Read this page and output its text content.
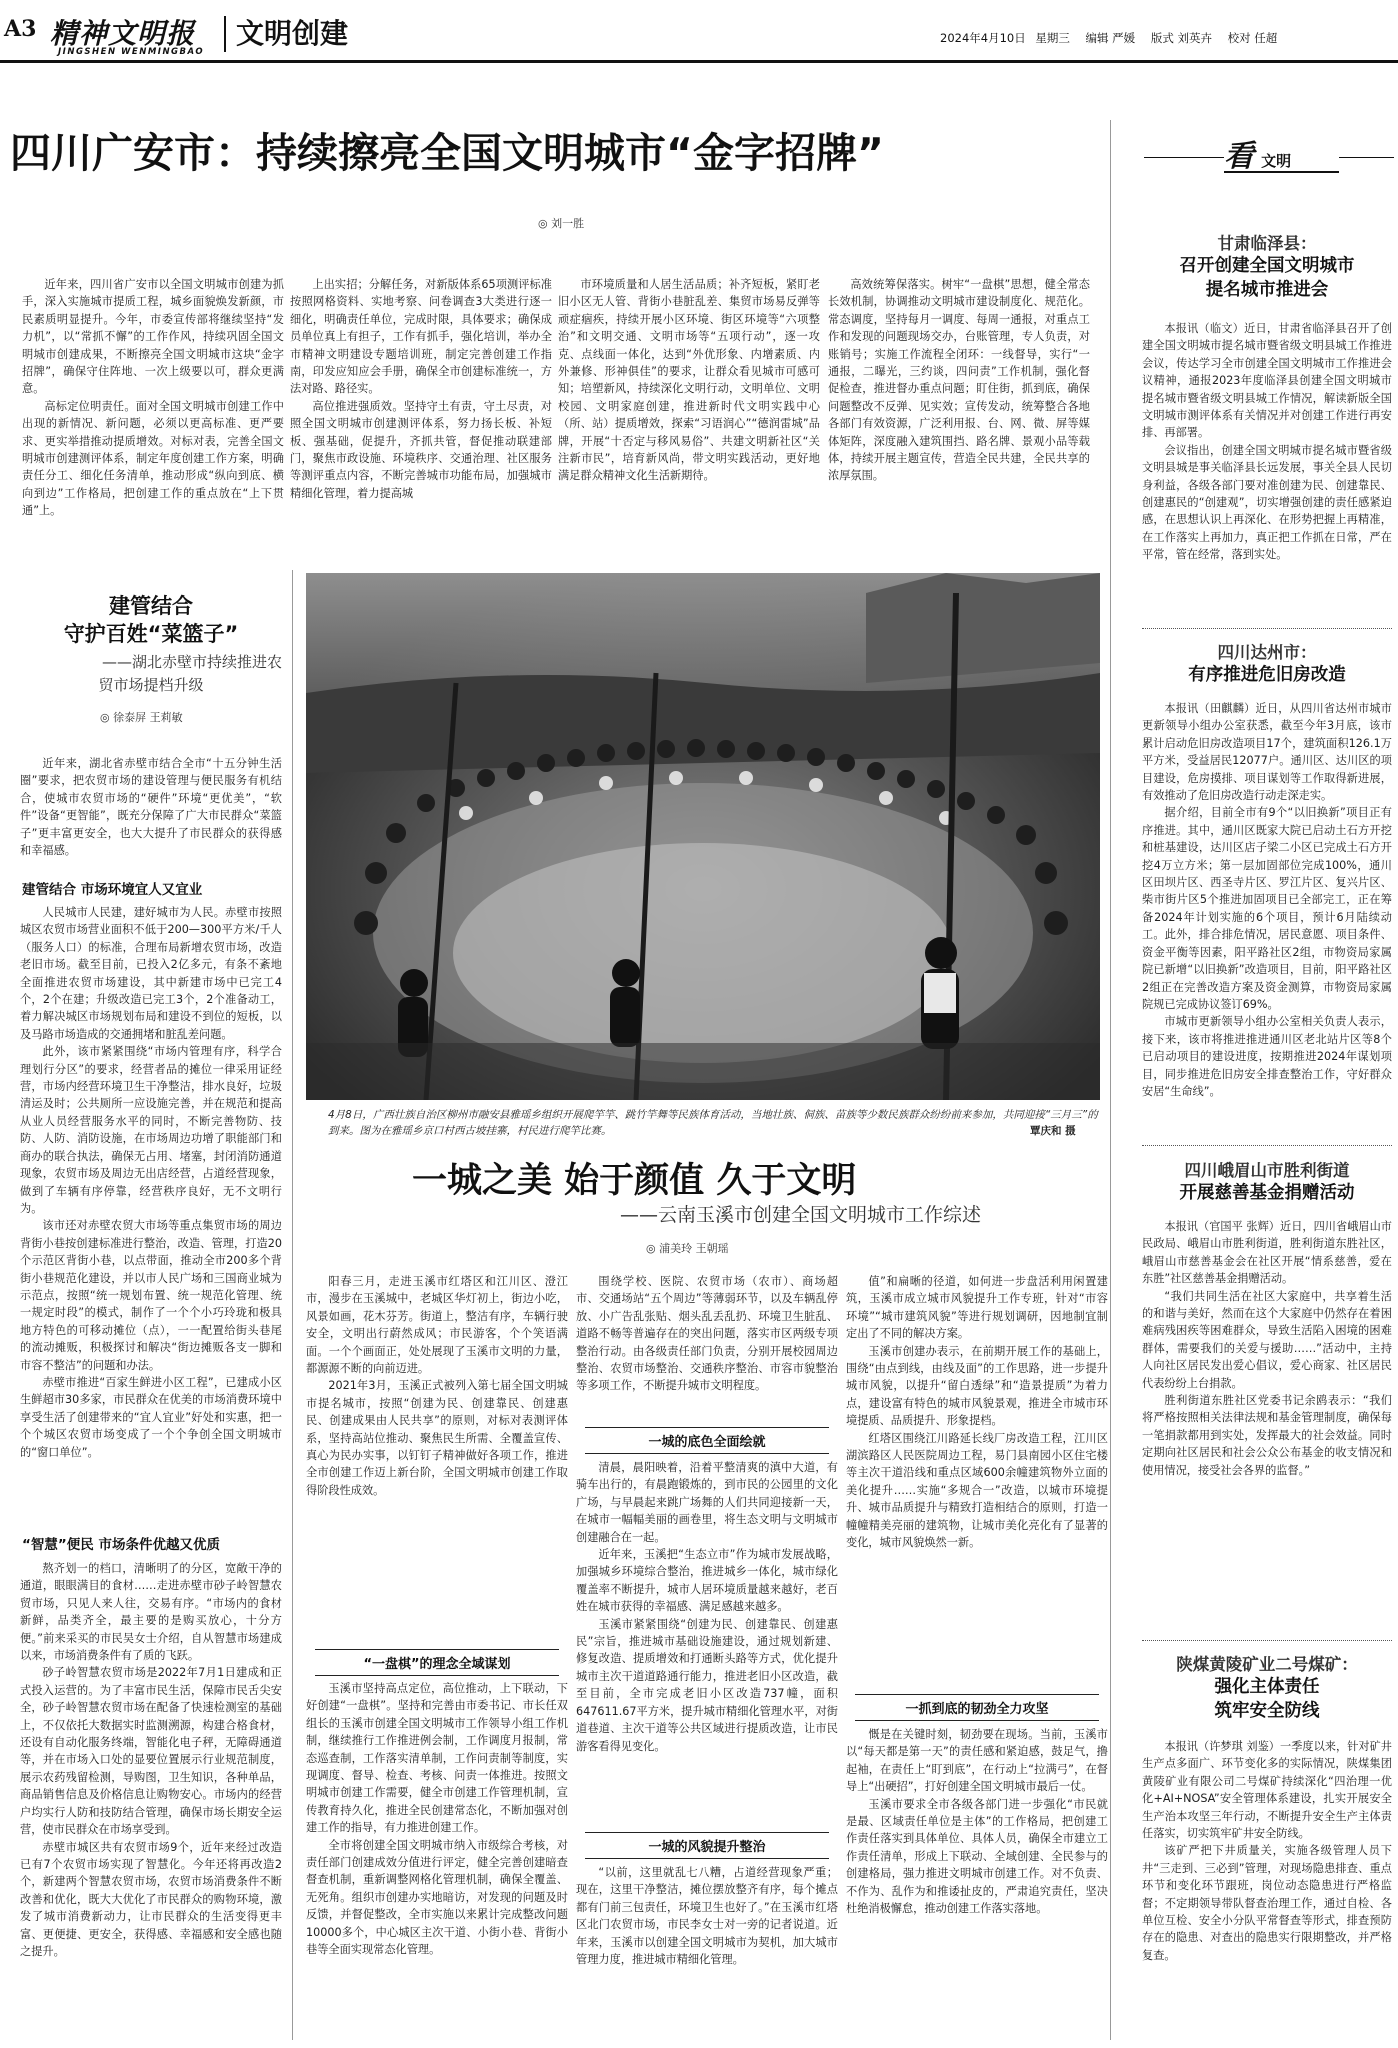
A3 精神文明报
JINGSHEN WENMINGBAO
文明创建	2024年4月10日 星期三 编辑 严媛 版式 刘英卉 校对 任超
四川广安市：持续擦亮全国文明城市“金字招牌”
◎ 刘一胜

近年来，四川省广安市以全国文明城市创建为抓手，深入实施城市提质工程，城乡面貌焕发新颜，市民素质明显提升。今年，市委宣传部将继续坚持“发力机”，以“常抓不懈”的工作作风，持续巩固全国文明城市创建成果，不断擦亮全国文明城市这块“金字招牌”，确保守住阵地、一次上级要以可，群众更满意。

高标定位明责任。面对全国文明城市创建工作中出现的新情况、新问题，必须以更高标准、更严要求、更实举措推动提质增效。对标对表，完善全国文明城市创建测评体系，制定年度创建工作方案，明确责任分工、细化任务清单，推动形成“纵向到底、横向到边”工作格局，把创建工作的重点放在“上下贯通”上。

上出实招；分解任务，对新版体系65项测评标准按照网格资料、实地考察、问卷调查3大类进行逐一细化，明确责任单位，完成时限，具体要求；确保成员单位真上有担子，工作有抓手，强化培训，举办全市精神文明建设专题培训班，制定完善创建工作指南，印发应知应会手册，确保全市创建标准统一，方法对路、路径实。

高位推进强质效。坚持守土有责，守土尽责，对照全国文明城市创建测评体系，努力扬长板、补短板、强基础，促提升，齐抓共管，督促推动联建部门，聚焦市政设施、环境秩序、交通治理、社区服务等测评重点内容，不断完善城市功能布局，加强城市精细化管理，着力提高城

市环境质量和人居生活品质；补齐短板，紧盯老旧小区无人管、背街小巷脏乱差、集贸市场易反弹等顽症痼疾，持续开展小区环境、街区环境等“六项整治”和文明交通、文明市场等“五项行动”，逐一攻克、点线面一体化，达到“外优形象、内增素质、内外兼修、形神俱佳”的要求，让群众看见城市可感可知；培塑新风，持续深化文明行动，文明单位、文明校园、文明家庭创建，推进新时代文明实践中心（所、站）提质增效，探索“习语润心”“德润雷城”品牌，开展“十否定与移风易俗”、共建文明新社区“关注新市民”，培育新风尚，带文明实践活动，更好地满足群众精神文化生活新期待。

高效统筹保落实。树牢“一盘棋”思想，健全常态长效机制，协调推动文明城市建设制度化、规范化。常态调度，坚持每月一调度、每周一通报，对重点工作和发现的问题现场交办，台账管理，专人负责，对账销号；实施工作流程全闭环：一线督导，实行“一通报，二曝光，三约谈，四问责”工作机制，强化督促检查，推进督办重点问题；盯住街，抓到底，确保问题整改不反弹、见实效；宣传发动，统筹整合各地各部门有效资源，广泛利用报、台、网、微、屏等媒体矩阵，深度融入建筑围挡、路名牌、景观小品等载体，持续开展主题宣传，营造全民共建，全民共享的浓厚氛围。

看 文明
甘肃临泽县：
召开创建全国文明城市
提名城市推进会

本报讯（临文）近日，甘肃省临泽县召开了创建全国文明城市提名城市暨省级文明县城工作推进会议，传达学习全市创建全国文明城市工作推进会议精神，通报2023年度临泽县创建全国文明城市提名城市暨省级文明县城工作情况，解读新版全国文明城市测评体系有关情况并对创建工作进行再安排、再部署。

会议指出，创建全国文明城市提名城市暨省级文明县城是事关临泽县长远发展，事关全县人民切身利益，各级各部门要对准创建为民、创建靠民、创建惠民的“创建观”，切实增强创建的责任感紧迫感，在思想认识上再深化、在形势把握上再精准，在工作落实上再加力，真正把工作抓在日常，严在平常，管在经常，落到实处。

四川达州市：
有序推进危旧房改造

本报讯（田麒麟）近日，从四川省达州市城市更新领导小组办公室获悉，截至今年3月底，该市累计启动危旧房改造项目17个，建筑面积126.1万平方米，受益居民12077户。通川区、达川区的项目建设，危房摸排、项目谋划等工作取得新进展，有效推动了危旧房改造行动走深走实。

据介绍，目前全市有9个“以旧换新”项目正有序推进。其中，通川区既家大院已启动土石方开挖和桩基建设，达川区店子梁二小区已完成土石方开挖4万立方米；第一层加固部位完成100%，通川区田坝片区、西圣寺片区、罗江片区、复兴片区、柴市街片区5个推进加固项目已全部完工，正在筹备2024年计划实施的6个项目，预计6月陆续动工。此外，排合排危情况，居民意愿、项目条件、资金平衡等因素，阳平路社区2组，市物资局家属院已新增“以旧换新”改造项目，目前，阳平路社区2组正在完善改造方案及资金测算，市物资局家属院规已完成协议签订69%。

市城市更新领导小组办公室相关负责人表示，接下来，该市将推进推进通川区老北站片区等8个已启动项目的建设进度，按期推进2024年谋划项目，同步推进危旧房安全排查整治工作，守好群众安居“生命线”。

四川峨眉山市胜利街道
开展慈善基金捐赠活动

本报讯（官国平 张辉）近日，四川省峨眉山市民政局、峨眉山市胜利街道，胜利街道东胜社区，峨眉山市慈善基金会在社区开展“情系慈善，爱在东胜”社区慈善基金捐赠活动。

“我们共同生活在社区大家庭中，共享着生活的和谐与美好，然而在这个大家庭中仍然存在着困难病残困疾等困难群众，导致生活陷入困境的困难群体，需要我们的关爱与援助……”活动中，主持人向社区居民发出爱心倡议，爱心商家、社区居民代表纷纷上台捐款。

胜利街道东胜社区党委书记余鸥表示：“我们将严格按照相关法律法规和基金管理制度，确保每一笔捐款都用到实处，发挥最大的社会效益。同时定期向社区居民和社会公众公布基金的收支情况和使用情况，接受社会各界的监督。”

陕煤黄陵矿业二号煤矿：
强化主体责任
筑牢安全防线

本报讯（许梦琪 刘鉴）一季度以来，针对矿井生产点多面广、环节变化多的实际情况，陕煤集团黄陵矿业有限公司二号煤矿持续深化“四治理一优化+AI+NOSA”安全管理体系建设，扎实开展安全生产治本攻坚三年行动，不断提升安全生产主体责任落实，切实筑牢矿井安全防线。

该矿严把下井质量关，实施各级管理人员下井“三走到、三必到”管理，对现场隐患排查、重点环节和变化环节跟班，岗位动态隐患进行严格监督；不定期领导带队督查治理工作，通过自检、各单位互检、安全小分队平常督查等形式，排查预防存在的隐患、对查出的隐患实行限期整改，并严格复查。

建管结合
守护百姓“菜篮子”
——湖北赤壁市持续推进农
贸市场提档升级
◎ 徐泰屏 王莉敏

近年来，湖北省赤壁市结合全市“十五分钟生活圈”要求，把农贸市场的建设管理与便民服务有机结合，使城市农贸市场的“硬件”环境“更优美”，“软件”设备“更智能”，既充分保障了广大市民群众“菜篮子”更丰富更安全，也大大提升了市民群众的获得感和幸福感。

建管结合 市场环境宜人又宜业

人民城市人民建，建好城市为人民。赤壁市按照城区农贸市场营业面积不低于200—300平方米/千人（服务人口）的标准，合理布局新增农贸市场，改造老旧市场。截至目前，已投入2亿多元，有条不紊地全面推进农贸市场建设，其中新建市场中已完工4个，2个在建；升级改造已完工3个，2个准备动工，着力解决城区市场规划布局和建设不到位的短板，以及马路市场造成的交通拥堵和脏乱差问题。

此外，该市紧紧围绕“市场内管理有序，科学合理划行分区”的要求，经营者品的摊位一律采用证经营，市场内经营环境卫生干净整洁，排水良好，垃圾清运及时；公共厕所一应设施完善，并在规范和提高从业人员经营服务水平的同时，不断完善物防、技防、人防、消防设施，在市场周边功增了职能部门和商办的联合执法，确保无占用、堵塞，封闭消防通道现象，农贸市场及周边无出店经营，占道经营现象，做到了车辆有序停靠，经营秩序良好，无不文明行为。

该市还对赤壁农贸大市场等重点集贸市场的周边背街小巷按创建标准进行整治，改造、管理，打造20个示范区背街小巷，以点带面，推动全市200多个背街小巷规范化建设，并以市人民广场和三国商业城为示范点，按照“统一规划布置、统一规范化管理、统一规定时段”的模式，制作了一个个小巧玲珑和极具地方特色的可移动摊位（点），一一配置给街头巷尾的流动摊贩，积极探讨和解决“街边摊贩各支一脚和市容不整洁”的问题和办法。

赤壁市推进“百家生鲜进小区工程”，已建成小区生鲜超市30多家，市民群众在优美的市场消费环境中享受生活了创建带来的“宜人宜业”好处和实惠，把一个个城区农贸市场变成了一个个争创全国文明城市的“窗口单位”。

“智慧”便民 市场条件优越又优质

熬齐划一的档口，清晰明了的分区，宽敞干净的通道，眼眼满目的食材……走进赤壁市砂子岭智慧农贸市场，只见人来人往，交易有序。“市场内的食材新鲜，品类齐全，最主要的是购买放心，十分方便。”前来采买的市民吴女士介绍，自从智慧市场建成以来，市场消费条件有了质的飞跃。

砂子岭智慧农贸市场是2022年7月1日建成和正式投入运营的。为了丰富市民生活，保障市民舌尖安全，砂子岭智慧农贸市场在配备了快速检测室的基础上，不仅依托大数据实时监测溯源，构建合格食材，还设有自动化服务终端，智能化电子秤，无障碍通道等，并在市场入口处的显要位置展示行业规范制度，展示农药残留检测，导购图，卫生知识，各种单品，商品销售信息及价格信息让购物安心。市场内的经营户均实行人防和技防结合管理，确保市场长期安全运营，使市民群众在市场享受到。

赤壁市城区共有农贸市场9个，近年来经过改造已有7个农贸市场实现了智慧化。今年还将再改造2个，新建两个智慧农贸市场，农贸市场消费条件不断改善和优化，既大大优化了市民群众的购物环境，激发了城市消费新动力，让市民群众的生活变得更丰富、更便捷、更安全，获得感、幸福感和安全感也随之提升。

4月8日，广西壮族自治区柳州市融安县雅瑶乡组织开展爬竿竿、跳竹竿舞等民族体育活动，当地壮族、侗族、苗族等少数民族群众纷纷前来参加，共同迎接“三月三”的到来。图为在雅瑶乡京口村西古坡挂寨，村民进行爬竿比赛。	覃庆和 摄
一城之美 始于颜值 久于文明
——云南玉溪市创建全国文明城市工作综述
◎ 浦美玲 王朝瑶

阳春三月，走进玉溪市红塔区和江川区、澄江市，漫步在玉溪城中，老城区华灯初上，街边小吃，风景如画，花木芬芳。街道上，整洁有序，车辆行驶安全，文明出行蔚然成风；市民游客，个个笑语满面。一个个画面正，处处展现了玉溪市文明的力量，都源源不断的向前迈进。

2021年3月，玉溪正式被列入第七届全国文明城市提名城市，按照“创建为民、创建靠民、创建惠民、创建成果由人民共享”的原则，对标对表测评体系，坚持高站位推动、聚焦民生所需、全覆盖宣传、真心为民办实事，以钉钉子精神做好各项工作，推进全市创建工作迈上新台阶，全国文明城市创建工作取得阶段性成效。

“一盘棋”的理念全域谋划

玉溪市坚持高点定位，高位推动，上下联动，下好创建“一盘棋”。坚持和完善由市委书记、市长任双组长的玉溪市创建全国文明城市工作领导小组工作机制，继续推行工作推进例会制，工作调度月报制，常态巡查制，工作落实清单制，工作问责制等制度，实现调度、督导、检查、考核、问责一体推进。按照文明城市创建工作需要，健全市创建工作管理机制，宣传教育持久化，推进全民创建常态化，不断加强对创建工作的指导，有力推进创建工作。

全市将创建全国文明城市纳入市级综合考核，对责任部门创建成效分值进行评定，健全完善创建暗查督查机制，重新调整网格化管理机制，确保全覆盖、无死角。组织市创建办实地暗访，对发现的问题及时反馈，并督促整改，全市实施以来累计完成整改问题10000多个，中心城区主次干道、小街小巷、背街小巷等全面实现常态化管理。

围绕学校、医院、农贸市场（农市）、商场超市、交通场站“五个周边”等薄弱环节，以及车辆乱停放、小广告乱张贴、烟头乱丢乱扔、环境卫生脏乱、道路不畅等普遍存在的突出问题，落实市区两级专项整治行动。由各级责任部门负责，分别开展校园周边整治、农贸市场整治、交通秩序整治、市容市貌整治等多项工作，不断提升城市文明程度。

一城的底色全面绘就

清晨，晨阳映着，沿着平整清爽的滇中大道，有骑车出行的，有晨跑锻炼的，到市民的公园里的文化广场，与早晨起来跳广场舞的人们共同迎接新一天，在城市一幅幅美丽的画卷里，将生态文明与文明城市创建融合在一起。

近年来，玉溪把“生态立市”作为城市发展战略，加强城乡环境综合整治，推进城乡一体化，城市绿化覆盖率不断提升，城市人居环境质量越来越好，老百姓在城市获得的幸福感、满足感越来越多。

玉溪市紧紧围绕“创建为民、创建靠民、创建惠民”宗旨，推进城市基础设施建设，通过规划新建、修复改造、提质增效和打通断头路等方式，优化提升城市主次干道道路通行能力，推进老旧小区改造，截至目前，全市完成老旧小区改造737幢，面积647611.67平方米，提升城市精细化管理水平，对街道巷道、主次干道等公共区域进行提质改造，让市民游客看得见变化。

一城的风貌提升整治

“以前，这里就乱七八糟，占道经营现象严重；现在，这里干净整洁，摊位摆放整齐有序，每个摊点都有门前三包责任，环境卫生也好了。”在玉溪市红塔区北门农贸市场，市民李女士对一旁的记者说道。近年来，玉溪市以创建全国文明城市为契机，加大城市管理力度，推进城市精细化管理。

值”和扁晰的径道，如何进一步盘活利用闲置建筑，玉溪市成立城市风貌提升工作专班，针对“市容环境”“城市建筑风貌”等进行规划调研，因地制宜制定出了不同的解决方案。

玉溪市创建办表示，在前期开展工作的基础上，围绕“由点到线，由线及面”的工作思路，进一步提升城市风貌，以提升“留白透绿”和“造景提质”为着力点，建设富有特色的城市风貌景观，推进全市城市环境提质、品质提升、形象提档。

红塔区围绕江川路延长线厂房改造工程，江川区湖滨路区人民医院周边工程，易门县南园小区住宅楼等主次干道沿线和重点区域600余幢建筑物外立面的美化提升……实施“多规合一”改造，以城市环境提升、城市品质提升与精致打造相结合的原则，打造一幢幢精美亮丽的建筑物，让城市美化亮化有了显著的变化，城市风貌焕然一新。

一抓到底的韧劲全力攻坚

慨是在关键时刻，韧劲要在现场。当前，玉溪市以“每天都是第一天”的责任感和紧迫感，鼓足气，撸起袖，在责任上“盯到底”，在行动上“拉满弓”，在督导上“出硬招”，打好创建全国文明城市最后一仗。

玉溪市要求全市各级各部门进一步强化“市民就是最、区域责任单位是主体”的工作格局，把创建工作责任落实到具体单位、具体人员，确保全市建立工作责任清单，形成上下联动、全域创建、全民参与的创建格局，强力推进文明城市创建工作。对不负责、不作为、乱作为和推诿扯皮的，严肃追究责任，坚决杜绝消极懈怠，推动创建工作落实落地。
